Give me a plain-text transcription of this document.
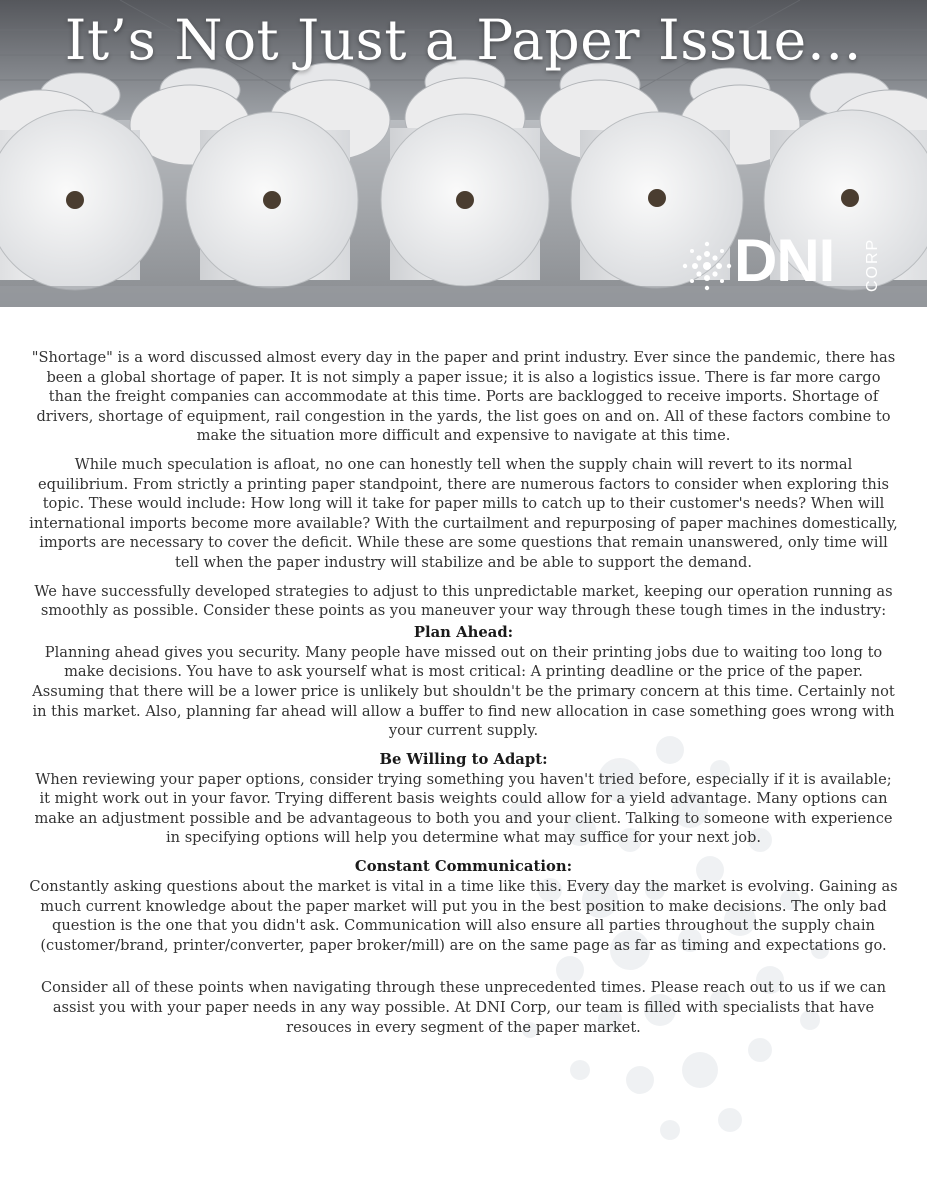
It’s Not Just a Paper Issue…
DNI CORP

"Shortage" is a word discussed almost every day in the paper and print industry. Ever since the pandemic, there has been a global shortage of paper. It is not simply a paper issue; it is also a logistics issue. There is far more cargo than the freight companies can accommodate at this time. Ports are backlogged to receive imports. Shortage of drivers, shortage of equipment, rail congestion in the yards, the list goes on and on. All of these factors combine to make the situation more difficult and expensive to navigate at this time.

While much speculation is afloat, no one can honestly tell when the supply chain will revert to its normal equilibrium. From strictly a printing paper standpoint, there are numerous factors to consider when exploring this topic. These would include: How long will it take for paper mills to catch up to their customer's needs? When will international imports become more available? With the curtailment and repurposing of paper machines domestically, imports are necessary to cover the deficit. While these are some questions that remain unanswered, only time will tell when the paper industry will stabilize and be able to support the demand.

We have successfully developed strategies to adjust to this unpredictable market, keeping our operation running as smoothly as possible. Consider these points as you maneuver your way through these tough times in the industry:

Plan Ahead:

Planning ahead gives you security. Many people have missed out on their printing jobs due to waiting too long to make decisions. You have to ask yourself what is most critical: A printing deadline or the price of the paper. Assuming that there will be a lower price is unlikely but shouldn't be the primary concern at this time. Certainly not in this market. Also, planning far ahead will allow a buffer to find new allocation in case something goes wrong with your current supply.

Be Willing to Adapt:

When reviewing your paper options, consider trying something you haven't tried before, especially if it is available; it might work out in your favor. Trying different basis weights could allow for a yield advantage. Many options can make an adjustment possible and be advantageous to both you and your client. Talking to someone with experience in specifying options will help you determine what may suffice for your next job.

Constant Communication:

Constantly asking questions about the market is vital in a time like this. Every day the market is evolving. Gaining as much current knowledge about the paper market will put you in the best position to make decisions. The only bad question is the one that you didn't ask. Communication will also ensure all parties throughout the supply chain (customer/brand, printer/converter, paper broker/mill) are on the same page as far as timing and expectations go.

Consider all of these points when navigating through these unprecedented times. Please reach out to us if we can assist you with your paper needs in any way possible. At DNI Corp, our team is filled with specialists that have resouces in every segment of the paper market.
